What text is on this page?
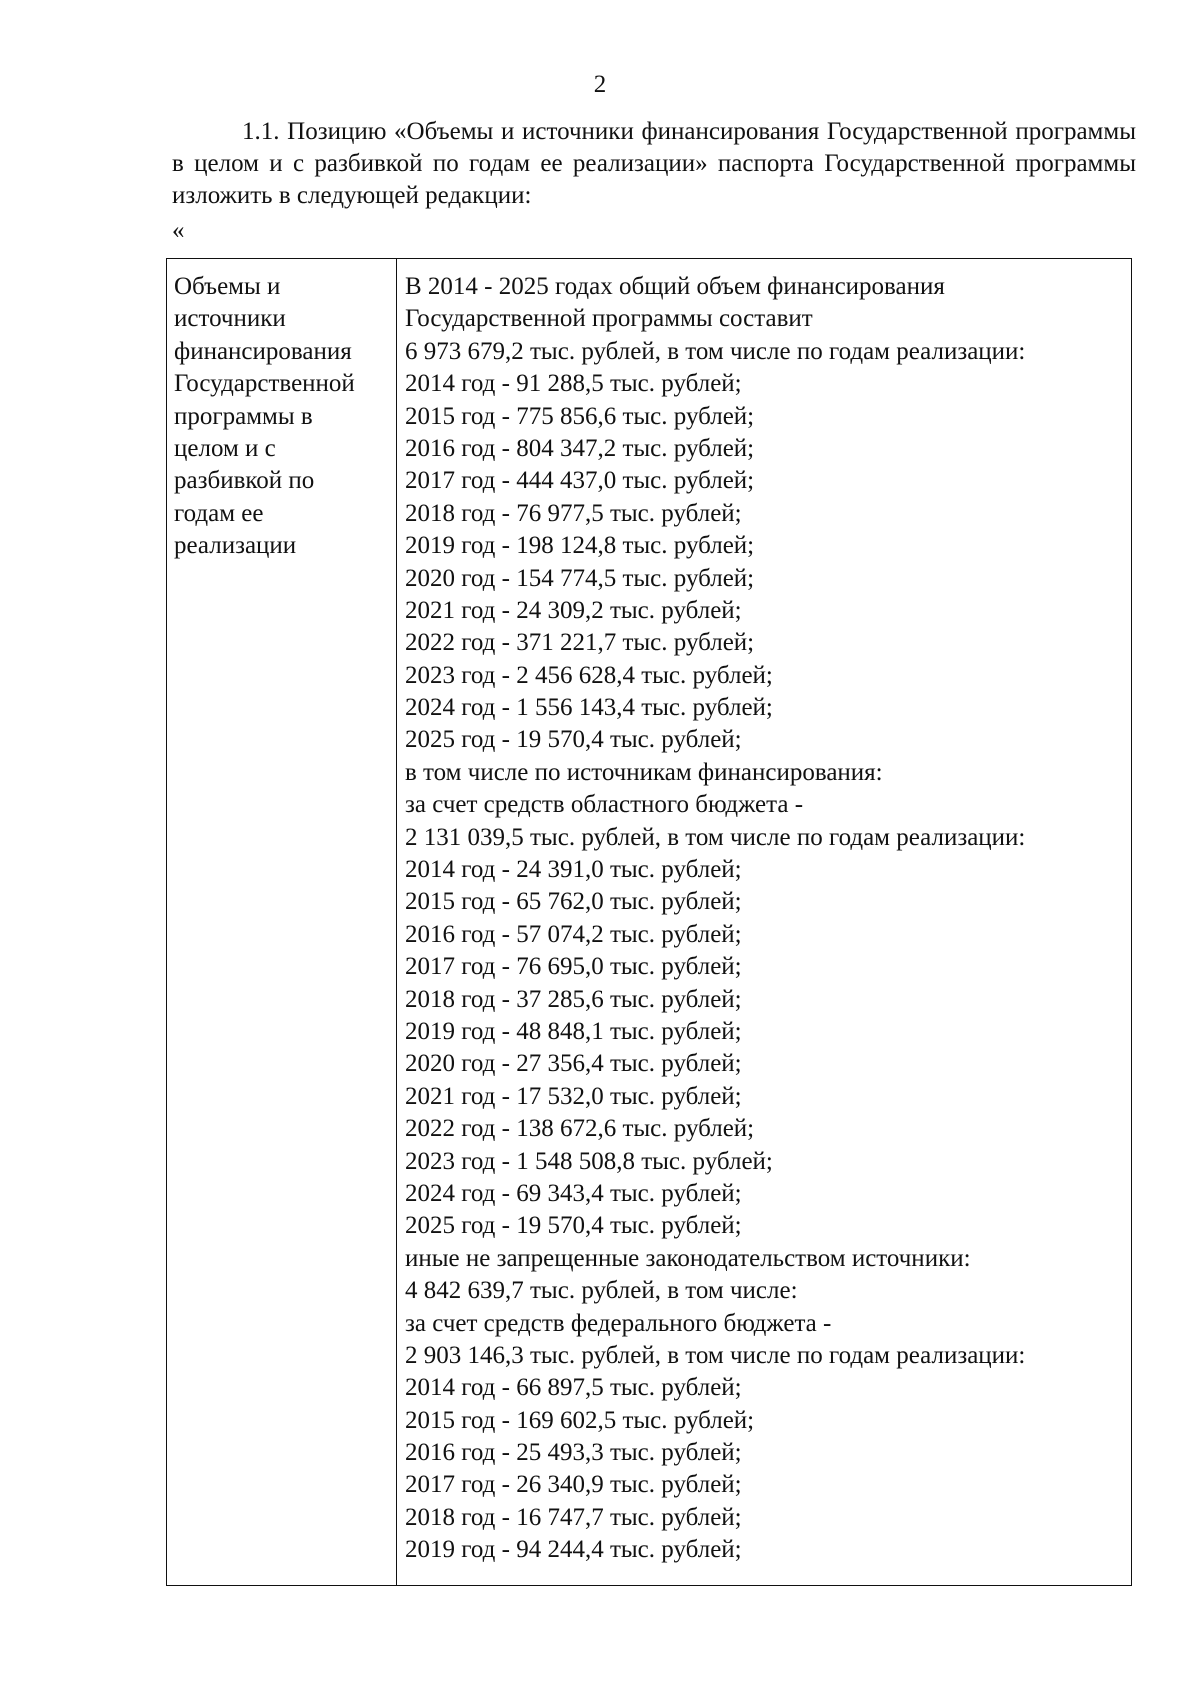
2

1.1. Позицию «Объемы и источники финансирования Государственной программы в целом и с разбивкой по годам ее реализации» паспорта Государственной программы изложить в следующей редакции:

«
Объемы и
источники
финансирования
Государственной
программы в
целом и с
разбивкой по
годам ее
реализации
В 2014 - 2025 годах общий объем финансирования
Государственной программы составит
6 973 679,2 тыс. рублей, в том числе по годам реализации:
2014 год - 91 288,5 тыс. рублей;
2015 год - 775 856,6 тыс. рублей;
2016 год - 804 347,2 тыс. рублей;
2017 год - 444 437,0 тыс. рублей;
2018 год - 76 977,5 тыс. рублей;
2019 год - 198 124,8 тыс. рублей;
2020 год - 154 774,5 тыс. рублей;
2021 год - 24 309,2 тыс. рублей;
2022 год - 371 221,7 тыс. рублей;
2023 год - 2 456 628,4 тыс. рублей;
2024 год - 1 556 143,4 тыс. рублей;
2025 год - 19 570,4 тыс. рублей;
в том числе по источникам финансирования:
за счет средств областного бюджета -
2 131 039,5 тыс. рублей, в том числе по годам реализации:
2014 год - 24 391,0 тыс. рублей;
2015 год - 65 762,0 тыс. рублей;
2016 год - 57 074,2 тыс. рублей;
2017 год - 76 695,0 тыс. рублей;
2018 год - 37 285,6 тыс. рублей;
2019 год - 48 848,1 тыс. рублей;
2020 год - 27 356,4 тыс. рублей;
2021 год - 17 532,0 тыс. рублей;
2022 год - 138 672,6 тыс. рублей;
2023 год - 1 548 508,8 тыс. рублей;
2024 год - 69 343,4 тыс. рублей;
2025 год - 19 570,4 тыс. рублей;
иные не запрещенные законодательством источники:
4 842 639,7 тыс. рублей, в том числе:
за счет средств федерального бюджета -
2 903 146,3 тыс. рублей, в том числе по годам реализации:
2014 год - 66 897,5 тыс. рублей;
2015 год - 169 602,5 тыс. рублей;
2016 год - 25 493,3 тыс. рублей;
2017 год - 26 340,9 тыс. рублей;
2018 год - 16 747,7 тыс. рублей;
2019 год - 94 244,4 тыс. рублей;
